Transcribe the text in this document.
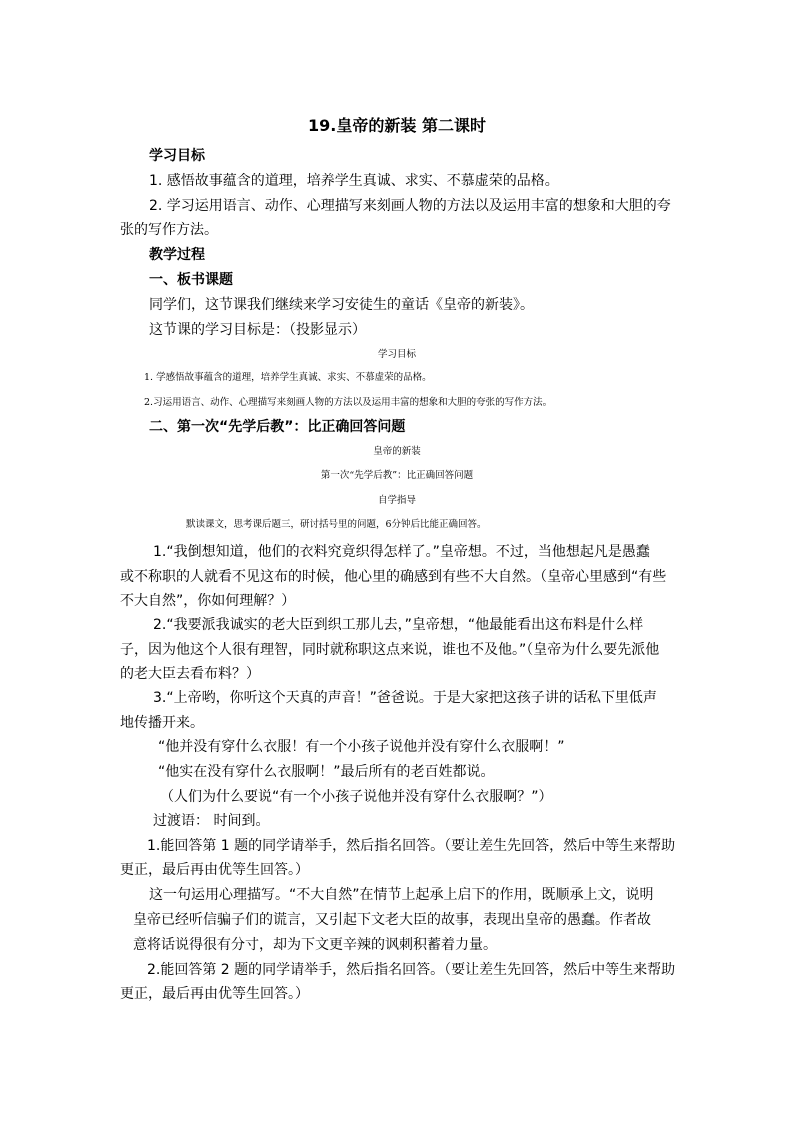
19.皇帝的新装 第二课时
学习目标
1. 感悟故事蕴含的道理，培养学生真诚、求实、不慕虚荣的品格。
2. 学习运用语言、动作、心理描写来刻画人物的方法以及运用丰富的想象和大胆的夸
张的写作方法。
教学过程
一、板书课题
同学们，这节课我们继续来学习安徒生的童话《皇帝的新装》。
这节课的学习目标是：（投影显示）
学习目标
1. 学感悟故事蕴含的道理，培养学生真诚、求实、不慕虚荣的品格。
2.习运用语言、动作、心理描写来刻画人物的方法以及运用丰富的想象和大胆的夸张的写作方法。
二、第一次“先学后教”：比正确回答问题
皇帝的新装
第一次“先学后教”：比正确回答问题
自学指导
默读课文，思考课后题三，研讨括号里的问题，6分钟后比能正确回答。
1.“我倒想知道，他们的衣料究竟织得怎样了。”皇帝想。不过，当他想起凡是愚蠢
或不称职的人就看不见这布的时候，他心里的确感到有些不大自然。（皇帝心里感到“有些
不大自然”，你如何理解？）
2.“我要派我诚实的老大臣到织工那儿去，”皇帝想，“他最能看出这布料是什么样
子，因为他这个人很有理智，同时就称职这点来说，谁也不及他。”（皇帝为什么要先派他
的老大臣去看布料？）
3.“上帝哟，你听这个天真的声音！”爸爸说。于是大家把这孩子讲的话私下里低声
地传播开来。
“他并没有穿什么衣服！有一个小孩子说他并没有穿什么衣服啊！”
“他实在没有穿什么衣服啊！”最后所有的老百姓都说。
（人们为什么要说“有一个小孩子说他并没有穿什么衣服啊？”）
过渡语： 时间到。
1.能回答第 1 题的同学请举手，然后指名回答。（要让差生先回答，然后中等生来帮助
更正，最后再由优等生回答。）
这一句运用心理描写。“不大自然”在情节上起承上启下的作用，既顺承上文，说明
皇帝已经听信骗子们的谎言，又引起下文老大臣的故事，表现出皇帝的愚蠢。作者故
意将话说得很有分寸，却为下文更辛辣的讽刺积蓄着力量。
2.能回答第 2 题的同学请举手，然后指名回答。（要让差生先回答，然后中等生来帮助
更正，最后再由优等生回答。）
